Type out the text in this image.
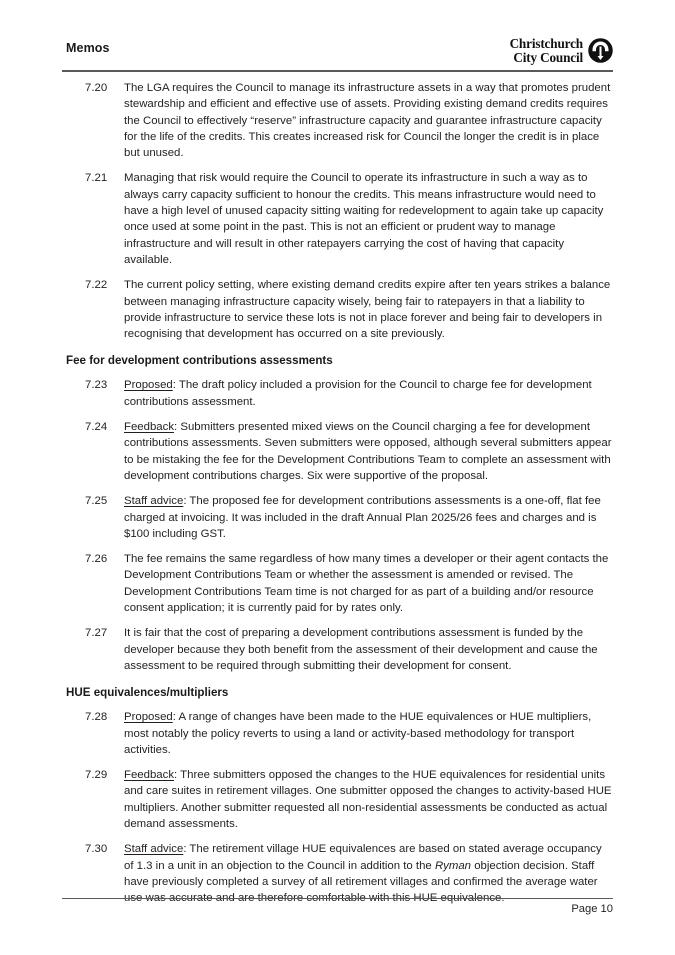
Memos	Christchurch
City Council
7.20	The LGA requires the Council to manage its infrastructure assets in a way that promotes prudent stewardship and efficient and effective use of assets. Providing existing demand credits requires the Council to effectively “reserve” infrastructure capacity and guarantee infrastructure capacity for the life of the credits. This creates increased risk for Council the longer the credit is in place but unused.
7.21	Managing that risk would require the Council to operate its infrastructure in such a way as to always carry capacity sufficient to honour the credits. This means infrastructure would need to have a high level of unused capacity sitting waiting for redevelopment to again take up capacity once used at some point in the past. This is not an efficient or prudent way to manage infrastructure and will result in other ratepayers carrying the cost of having that capacity available.
7.22	The current policy setting, where existing demand credits expire after ten years strikes a balance between managing infrastructure capacity wisely, being fair to ratepayers in that a liability to provide infrastructure to service these lots is not in place forever and being fair to developers in recognising that development has occurred on a site previously.
Fee for development contributions assessments
7.23	Proposed: The draft policy included a provision for the Council to charge fee for development contributions assessment.
7.24	Feedback: Submitters presented mixed views on the Council charging a fee for development contributions assessments. Seven submitters were opposed, although several submitters appear to be mistaking the fee for the Development Contributions Team to complete an assessment with development contributions charges. Six were supportive of the proposal.
7.25	Staff advice: The proposed fee for development contributions assessments is a one-off, flat fee charged at invoicing. It was included in the draft Annual Plan 2025/26 fees and charges and is $100 including GST.
7.26	The fee remains the same regardless of how many times a developer or their agent contacts the Development Contributions Team or whether the assessment is amended or revised. The Development Contributions Team time is not charged for as part of a building and/or resource consent application; it is currently paid for by rates only.
7.27	It is fair that the cost of preparing a development contributions assessment is funded by the developer because they both benefit from the assessment of their development and cause the assessment to be required through submitting their development for consent.
HUE equivalences/multipliers
7.28	Proposed: A range of changes have been made to the HUE equivalences or HUE multipliers, most notably the policy reverts to using a land or activity-based methodology for transport activities.
7.29	Feedback: Three submitters opposed the changes to the HUE equivalences for residential units and care suites in retirement villages. One submitter opposed the changes to activity-based HUE multipliers. Another submitter requested all non-residential assessments be conducted as actual demand assessments.
7.30	Staff advice: The retirement village HUE equivalences are based on stated average occupancy of 1.3 in a unit in an objection to the Council in addition to the Ryman objection decision. Staff have previously completed a survey of all retirement villages and confirmed the average water use was accurate and are therefore comfortable with this HUE equivalence.
Page 10
